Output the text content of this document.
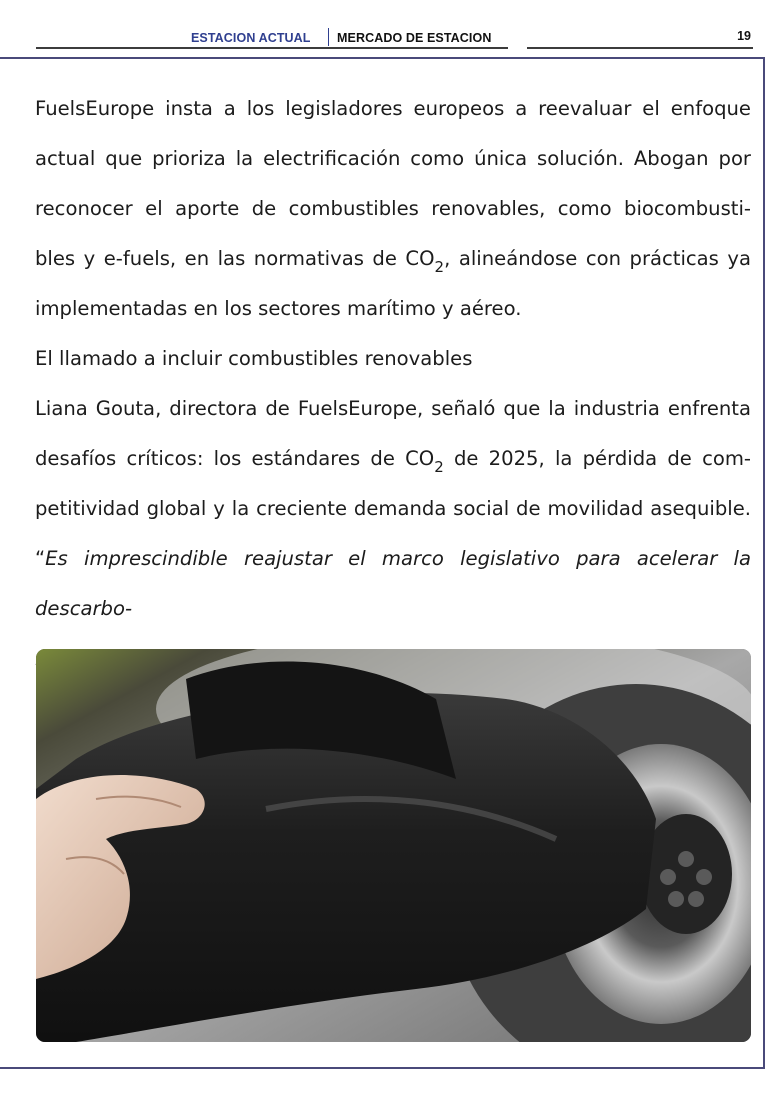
ESTACION ACTUAL MERCADO DE ESTACION	19
FuelsEurope insta a los legisladores europeos a reevaluar el enfoque
actual que prioriza la electrificación como única solución. Abogan por
reconocer el aporte de combustibles renovables, como biocombusti-
bles y e-fuels, en las normativas de $CO_2$, alineándose con prácticas ya
implementadas en los sectores marítimo y aéreo.
El llamado a incluir combustibles renovables
Liana Gouta, directora de FuelsEurope, señaló que la industria enfrenta
desafíos críticos: los estándares de $CO_2$ de 2025, la pérdida de com-
petitividad global y la creciente demanda social de movilidad asequible.
“Es imprescindible reajustar el marco legislativo para acelerar la descarbo-
